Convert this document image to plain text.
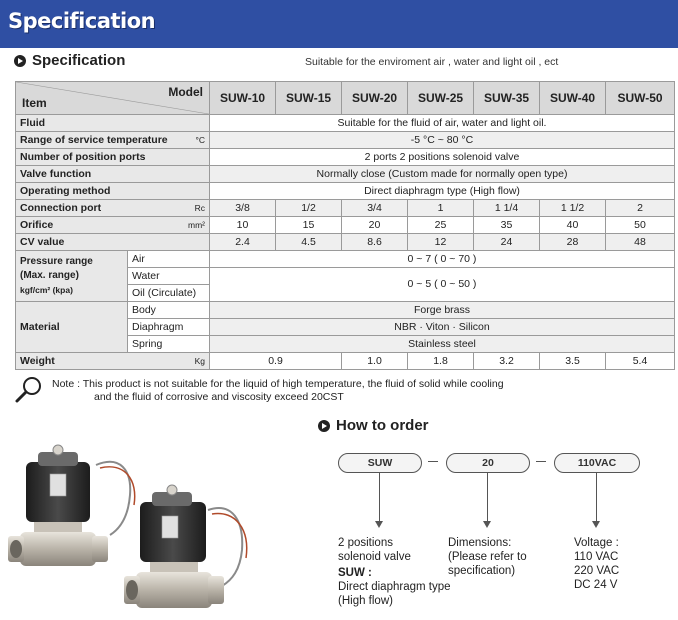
Specification
Specification	Suitable for the enviroment air , water and light oil , ect
Item
Model		SUW-10	SUW-15	SUW-20	SUW-25	SUW-35	SUW-40	SUW-50
Fluid		Suitable for the fluid of air, water and light oil.						
Range of service temperature °C		-5 °C ~ 80 °C						
Number of position ports		2 ports 2 positions solenoid valve						
Valve function		Normally close (Custom made for normally open type)						
Operating method		Direct diaphragm type (High flow)						
Connection port Rc		3/8	1/2	3/4	1	1 1/4	1 1/2	2
Orifice mm²		10	15	20	25	35	40	50
CV value		2.4	4.5	8.6	12	24	28	48

Pressure range
(Max. range)
kgf/cm² (kpa)	Air	0 ~ 7 ( 0 ~ 70 )						
	Water	0 ~ 5 ( 0 ~ 50 )						
	Oil (Circulate)							
Material	Body	Forge brass						
	Diaphragm	NBR · Viton · Silicon						
	Spring	Stainless steel						
Weight Kg		0.9		1.0	1.8	3.2	3.5	5.4
Note : This product is not suitable for the liquid of high temperature, the fluid of solid while cooling
and the fluid of corrosive and viscosity exceed 20CST
How to order
SUW	20	110VAC
2 positions
solenoid valve
SUW :
Direct diaphragm type
(High flow)
Dimensions:
(Please refer to
specification)
Voltage :
110 VAC
220 VAC
DC 24 V
